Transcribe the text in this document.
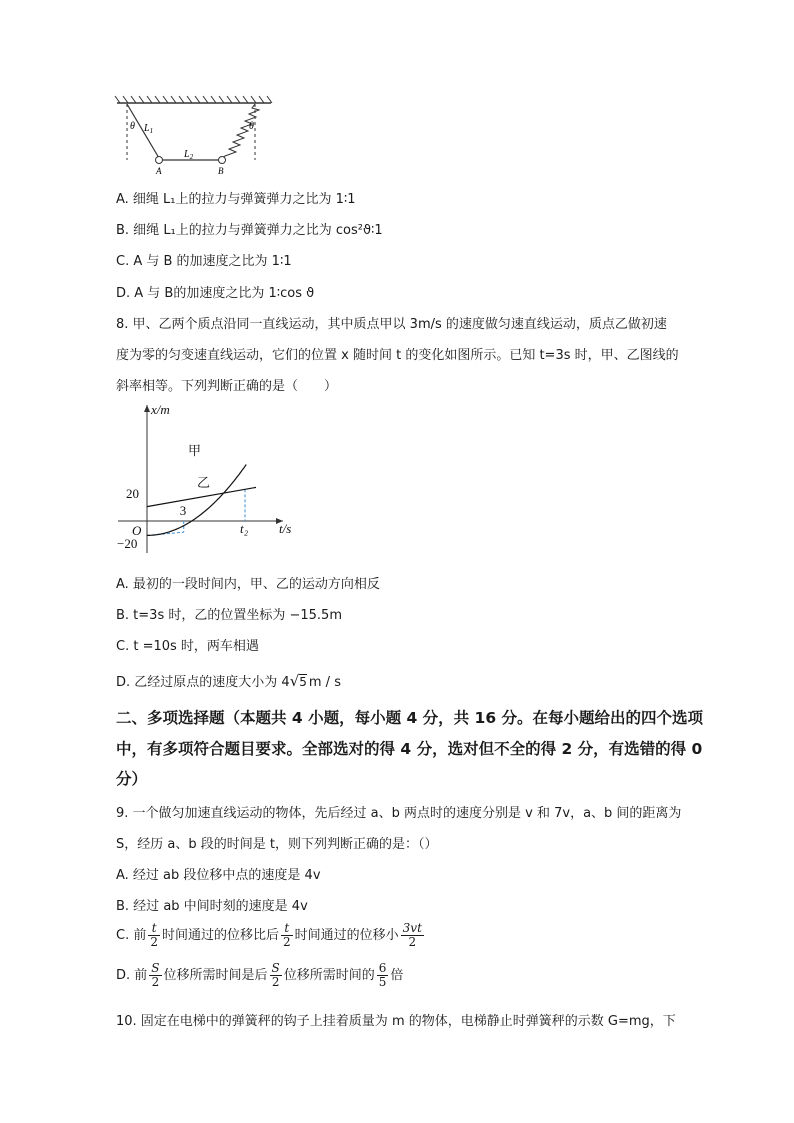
θ	θ
$L_1$
$L_2$
A	B
A. 细绳 L₁上的拉力与弹簧弹力之比为 1∶1
B. 细绳 L₁上的拉力与弹簧弹力之比为 cos²ϑ∶1
C. A 与 B 的加速度之比为 1∶1
D. A 与 B的加速度之比为 1∶cos ϑ
8. 甲、乙两个质点沿同一直线运动，其中质点甲以 3m/s 的速度做匀速直线运动，质点乙做初速
度为零的匀变速直线运动，它们的位置 x 随时间 t 的变化如图所示。已知 t=3s 时，甲、乙图线的
斜率相等。下列判断正确的是（　　）
x/m
t/s
O
20
−20
3
t₂
甲
乙
A. 最初的一段时间内，甲、乙的运动方向相反
B. t=3s 时，乙的位置坐标为 −15.5m
C. t =10s 时，两车相遇
D. 乙经过原点的速度大小为 4√5 m / s
二、多项选择题（本题共 4 小题，每小题 4 分，共 16 分。在每小题给出的四个选项
中，有多项符合题目要求。全部选对的得 4 分，选对但不全的得 2 分，有选错的得 0
分）
9. 一个做匀加速直线运动的物体，先后经过 a、b 两点时的速度分别是 v 和 7v，a、b 间的距离为
S，经历 a、b 段的时间是 t，则下列判断正确的是：（）
A. 经过 ab 段位移中点的速度是 4v
B. 经过 ab 中间时刻的速度是 4v
C. 前 $\frac{t}{2}$ 时间通过的位移比后 $\frac{t}{2}$ 时间通过的位移小 $\frac{3vt}{2}$
D. 前 $\frac{S}{2}$ 位移所需时间是后 $\frac{S}{2}$ 位移所需时间的 $\frac{6}{5}$ 倍
10. 固定在电梯中的弹簧秤的钩子上挂着质量为 m 的物体，电梯静止时弹簧秤的示数 G=mg，下
